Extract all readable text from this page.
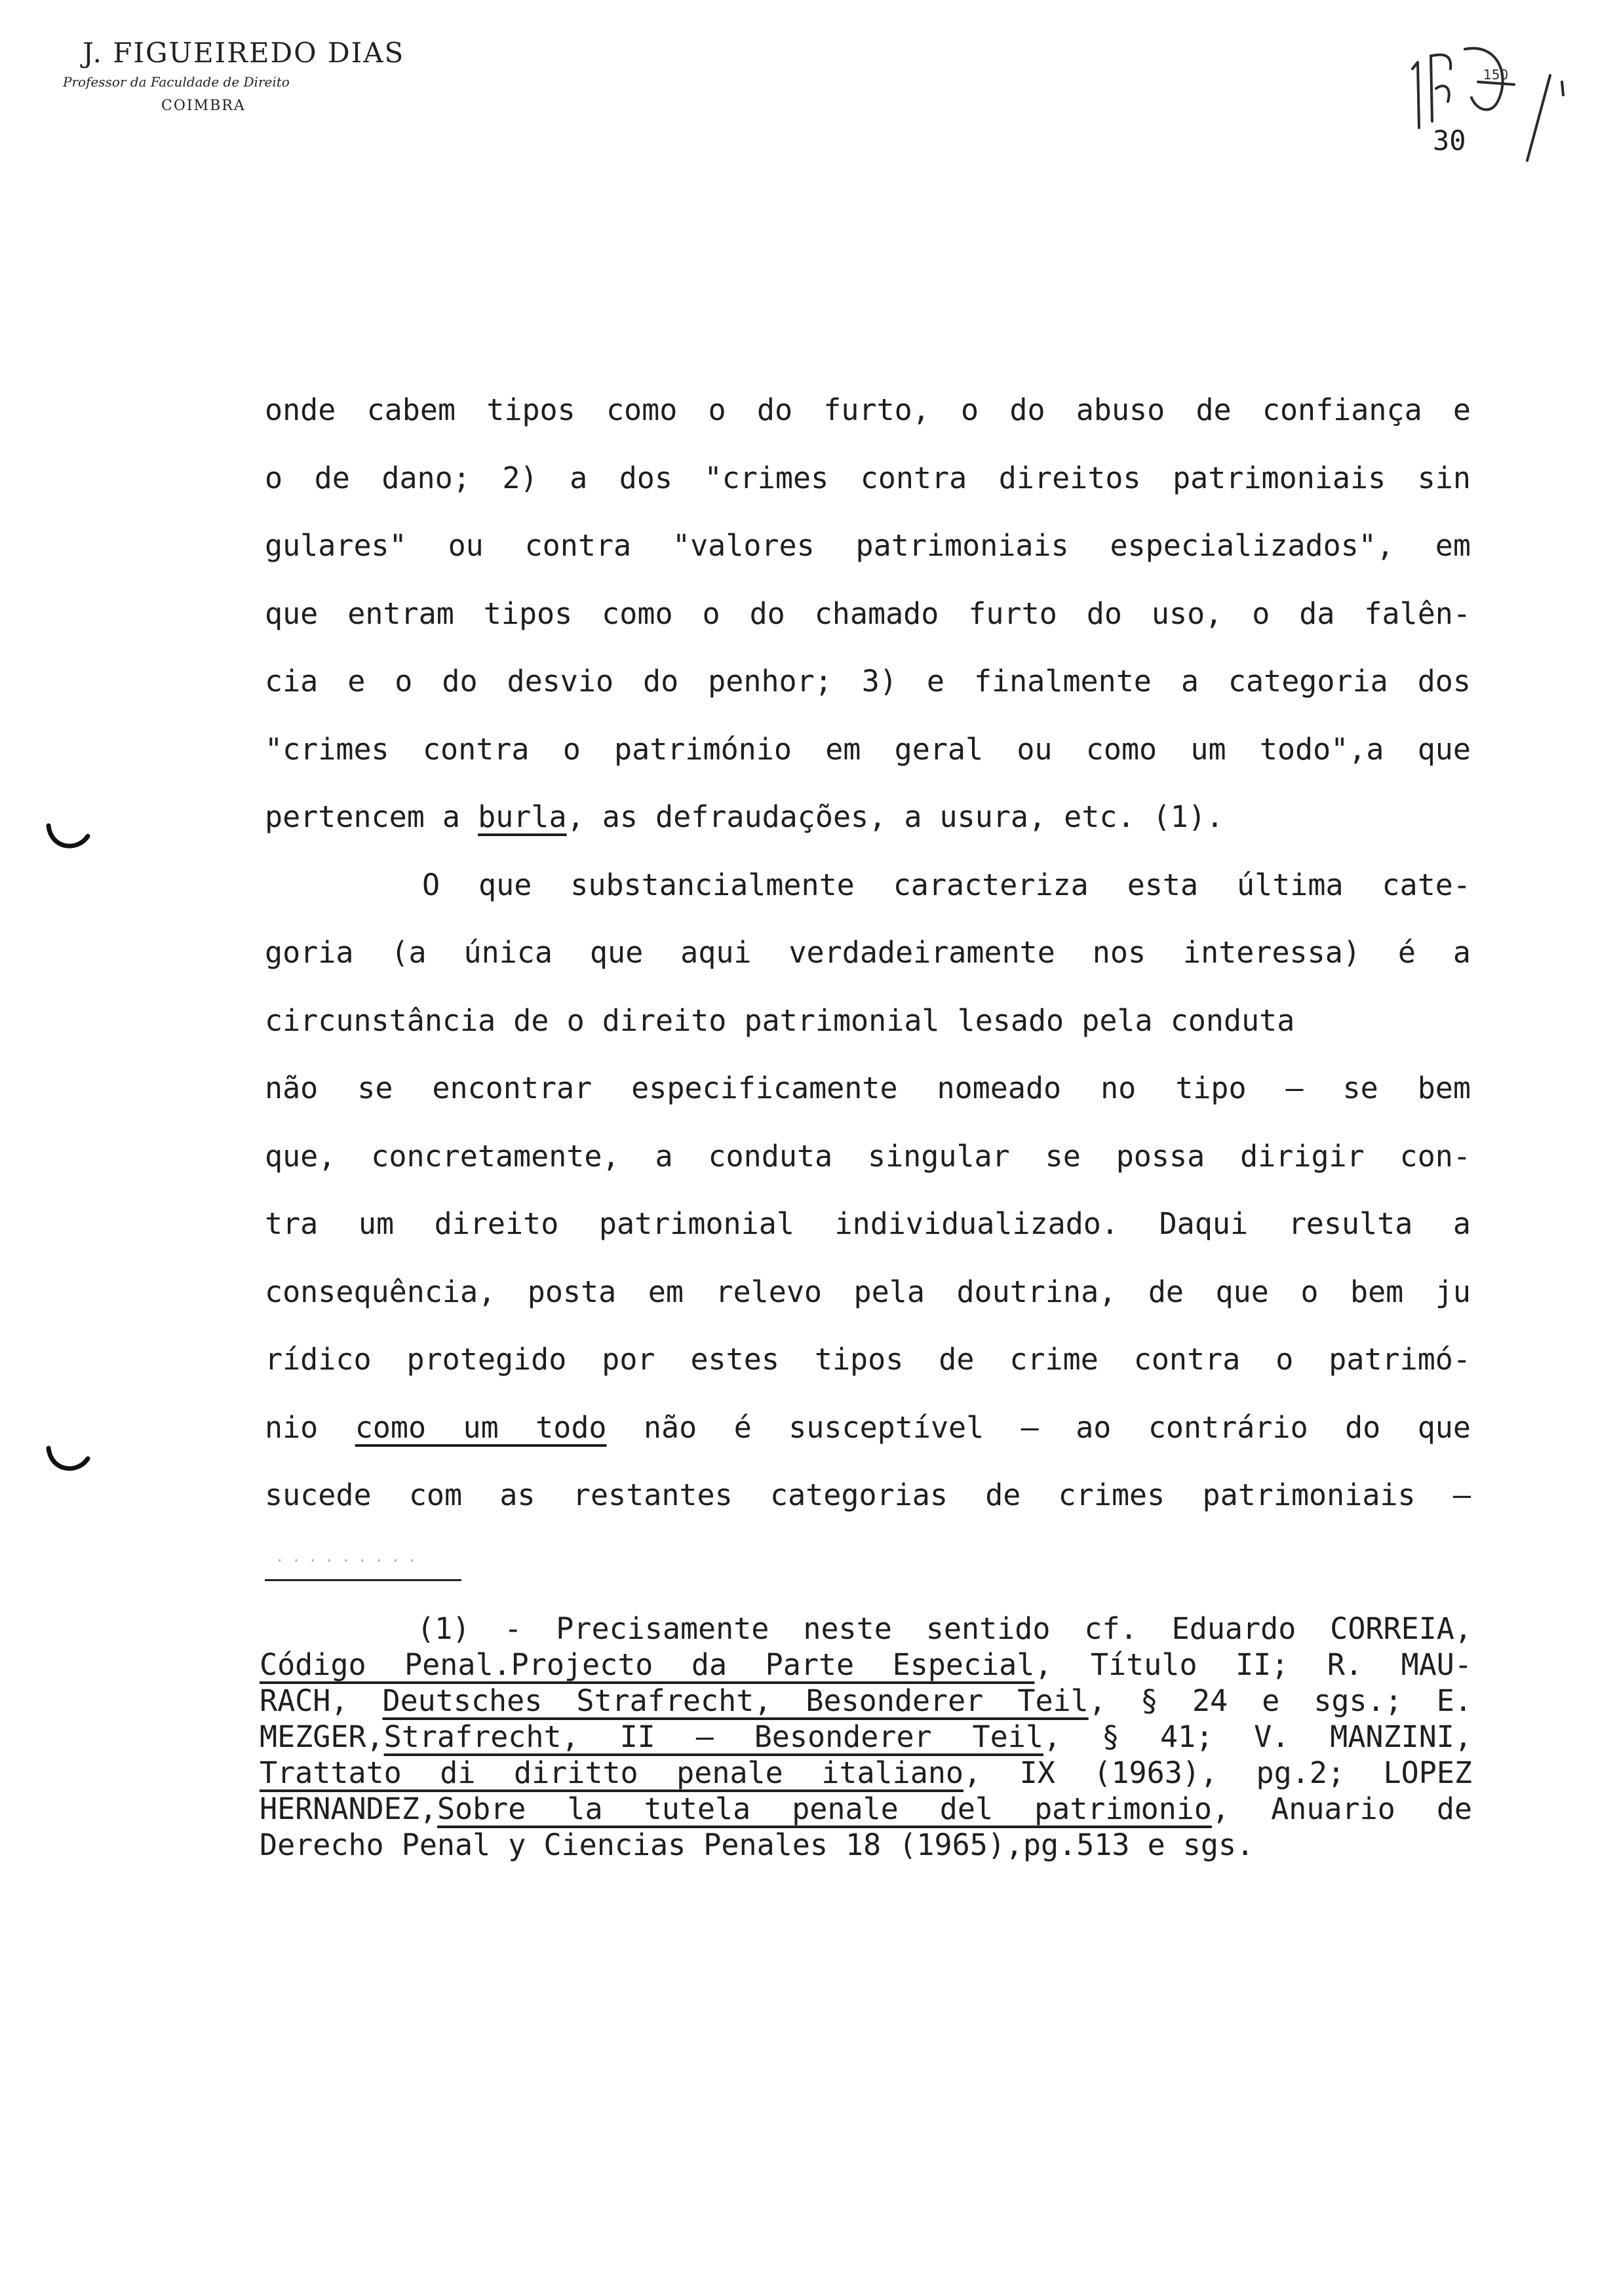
J. FIGUEIREDO DIAS
Professor da Faculdade de Direito
COIMBRA
150
30
onde cabem tipos como o do furto, o do abuso de confiança e
o de dano; 2) a dos "crimes contra direitos patrimoniais sin
gulares" ou contra "valores patrimoniais especializados", em
que entram tipos como o do chamado furto do uso, o da falên-
cia e o do desvio do penhor; 3) e finalmente a categoria dos
"crimes contra o património em geral ou como um todo",a que
pertencem a burla, as defraudações, a usura, etc. (1).
O que substancialmente caracteriza esta última cate-
goria (a única que aqui verdadeiramente nos interessa) é a
circunstância de o direito patrimonial lesado pela conduta
não se encontrar especificamente nomeado no tipo — se bem
que, concretamente, a conduta singular se possa dirigir con-
tra um direito patrimonial individualizado. Daqui resulta a
consequência, posta em relevo pela doutrina, de que o bem ju
rídico protegido por estes tipos de crime contra o patrimó-
nio como um todo não é susceptível — ao contrário do que
sucede com as restantes categorias de crimes patrimoniais —
·········
(1) - Precisamente neste sentido cf. Eduardo CORREIA,
Código Penal.Projecto da Parte Especial, Título II; R. MAU-
RACH, Deutsches Strafrecht, Besonderer Teil, § 24 e sgs.; E.
MEZGER,Strafrecht, II — Besonderer Teil, § 41; V. MANZINI,
Trattato di diritto penale italiano, IX (1963), pg.2; LOPEZ
HERNANDEZ,Sobre la tutela penale del patrimonio, Anuario de
Derecho Penal y Ciencias Penales 18 (1965),pg.513 e sgs.
